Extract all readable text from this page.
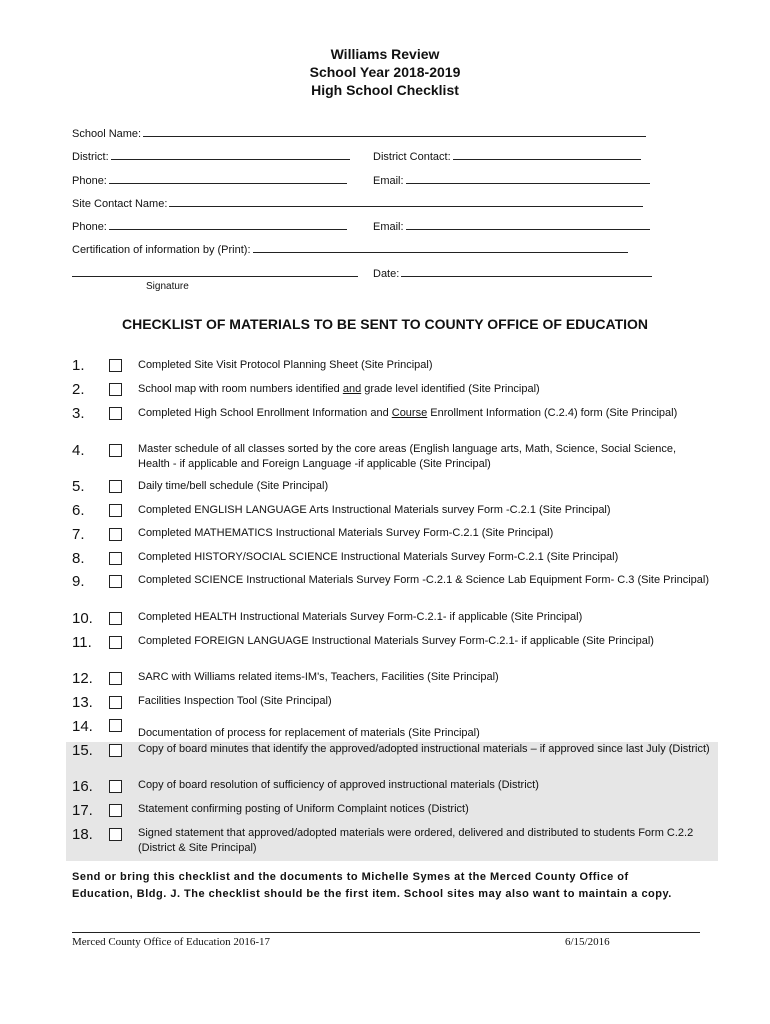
Williams Review
School Year 2018-2019
High School Checklist
School Name:
District:	District Contact:
Phone:	Email:
Site Contact Name:
Phone:	Email:
Certification of information by (Print):
Date:
Signature
CHECKLIST OF MATERIALS TO BE SENT TO COUNTY OFFICE OF EDUCATION
1.	Completed Site Visit Protocol Planning Sheet (Site Principal)
2.	School map with room numbers identified and grade level identified (Site Principal)
3.	Completed High School Enrollment Information and Course Enrollment Information (C.2.4) form (Site Principal)
4.	Master schedule of all classes sorted by the core areas (English language arts, Math, Science, Social Science, Health - if applicable and Foreign Language -if applicable (Site Principal)
5.	Daily time/bell schedule (Site Principal)
6.	Completed ENGLISH LANGUAGE Arts Instructional Materials survey Form -C.2.1 (Site Principal)
7.	Completed MATHEMATICS Instructional Materials Survey Form-C.2.1 (Site Principal)
8.	Completed HISTORY/SOCIAL SCIENCE Instructional Materials Survey Form-C.2.1 (Site Principal)
9.	Completed SCIENCE Instructional Materials Survey Form -C.2.1 & Science Lab Equipment Form- C.3 (Site Principal)
10.	Completed HEALTH Instructional Materials Survey Form-C.2.1- if applicable (Site Principal)
11.	Completed FOREIGN LANGUAGE Instructional Materials Survey Form-C.2.1- if applicable (Site Principal)
12.	SARC with Williams related items-IM's, Teachers, Facilities (Site Principal)
13.	Facilities Inspection Tool (Site Principal)
14.	Documentation of process for replacement of materials (Site Principal)
15.	Copy of board minutes that identify the approved/adopted instructional materials – if approved since last July (District)
16.	Copy of board resolution of sufficiency of approved instructional materials (District)
17.	Statement confirming posting of Uniform Complaint notices (District)
18.	Signed statement that approved/adopted materials were ordered, delivered and distributed to students Form C.2.2 (District & Site Principal)
Send or bring this checklist and the documents to Michelle Symes at the Merced County Office of Education, Bldg. J. The checklist should be the first item. School sites may also want to maintain a copy.
Merced County Office of Education 2016-17	6/15/2016
